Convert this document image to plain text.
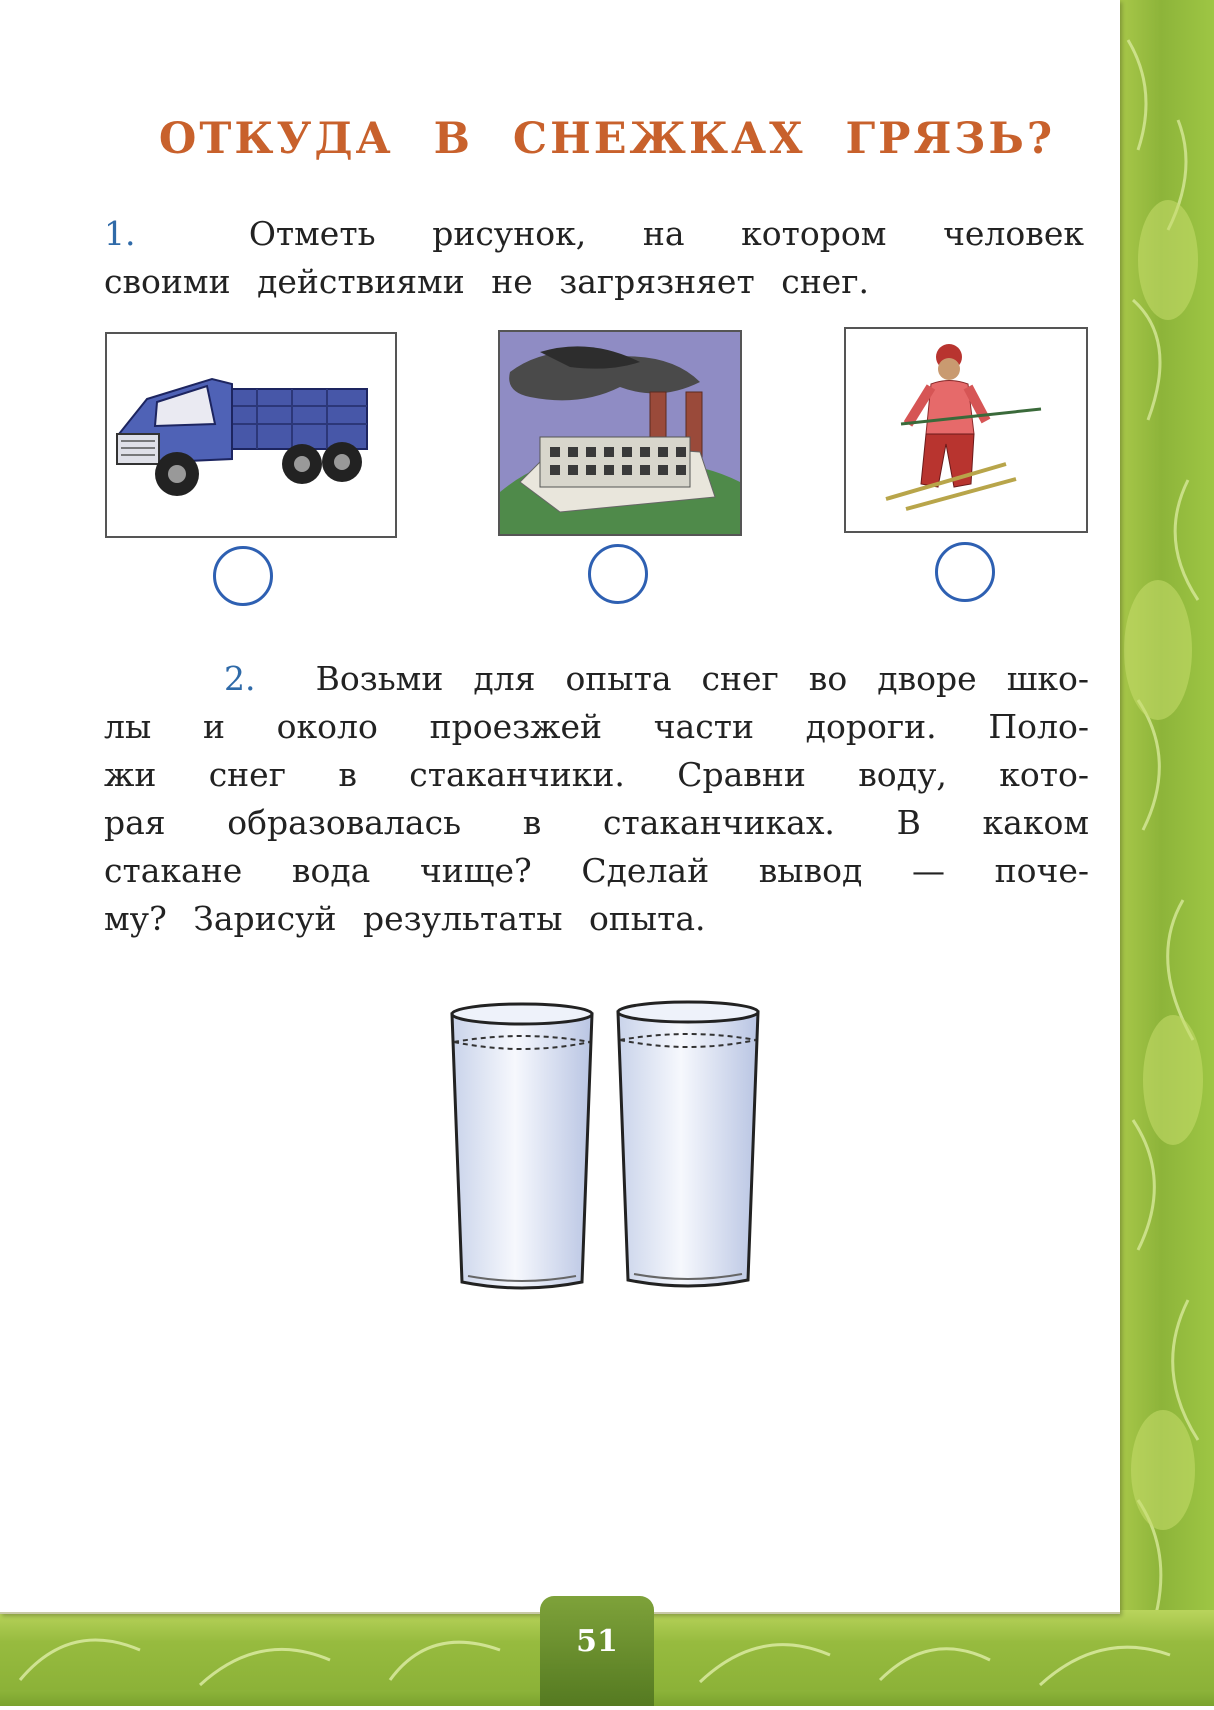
ОТКУДА В СНЕЖКАХ ГРЯЗЬ?
1.	Отметь рисунок, на котором человек
своими действиями не загрязняет снег.
2. Возьми для опыта снег во дворе шко-
лы и около проезжей части дороги. Поло-
жи снег в стаканчики. Сравни воду, кото-
рая образовалась в стаканчиках. В каком
стакане вода чище? Сделай вывод — поче-
му? Зарисуй результаты опыта.
51
